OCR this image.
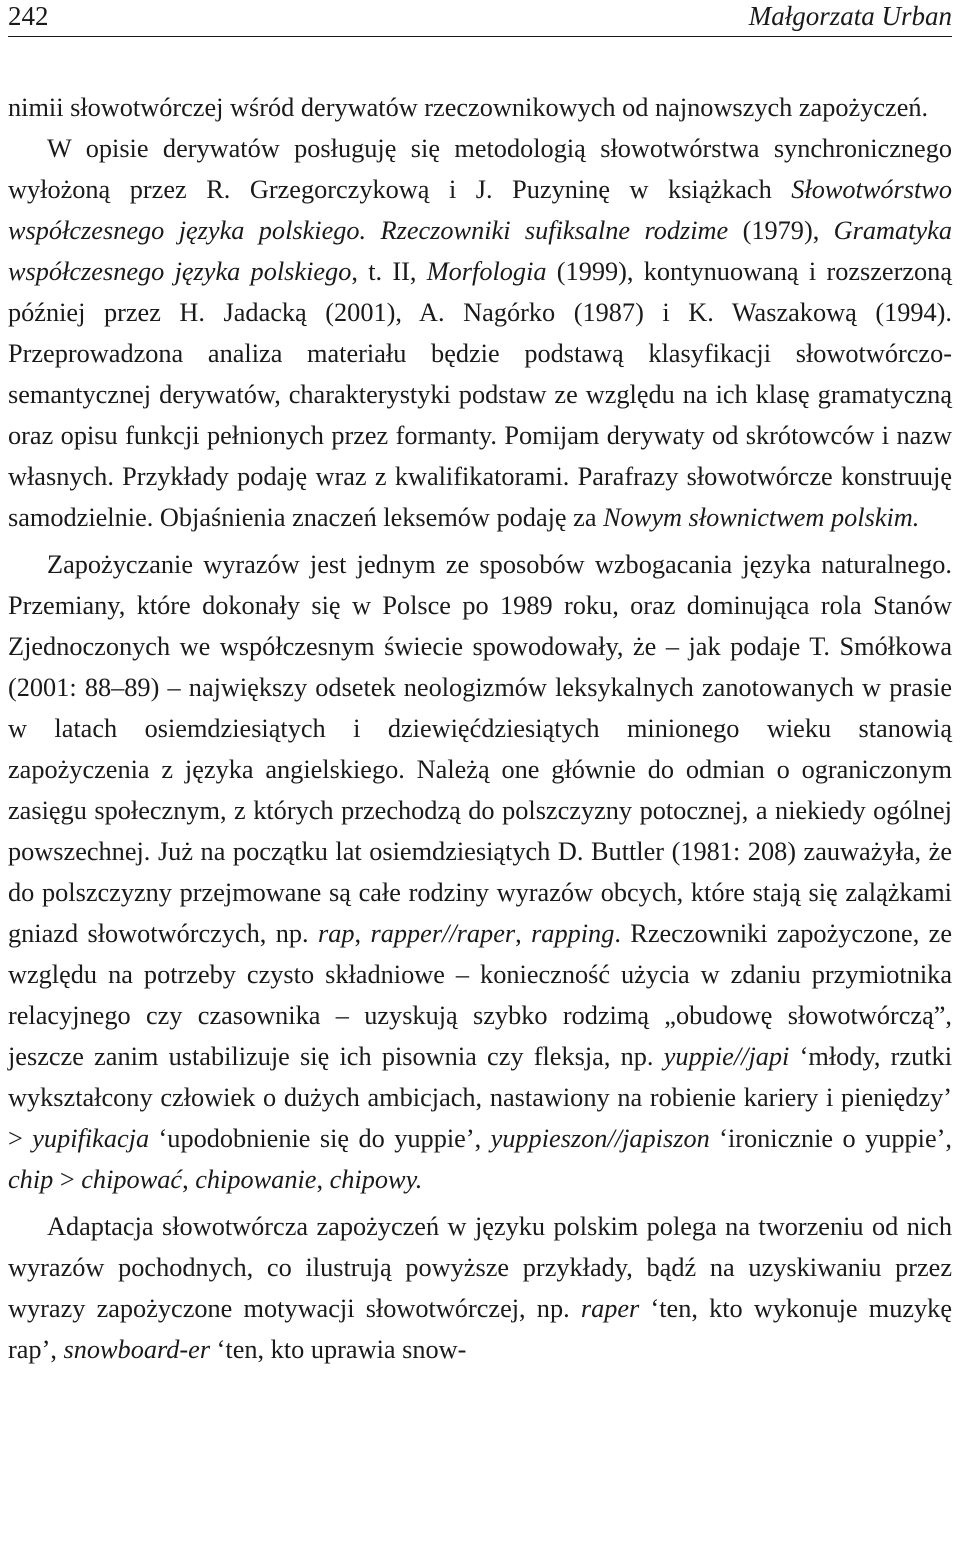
242	Małgorzata Urban

nimii słowotwórczej wśród derywatów rzeczownikowych od najnowszych zapożyczeń.

W opisie derywatów posługuję się metodologią słowotwórstwa synchronicznego wyłożoną przez R. Grzegorczykową i J. Puzyninę w książkach Słowotwórstwo współczesnego języka polskiego. Rzeczowniki sufiksalne rodzime (1979), Gramatyka współczesnego języka polskiego, t. II, Morfologia (1999), kontynuowaną i rozszerzoną później przez H. Jadacką (2001), A. Nagórko (1987) i K. Waszakową (1994). Przeprowadzona analiza materiału będzie podstawą klasyfikacji słowotwórczo-semantycznej derywatów, charakterystyki podstaw ze względu na ich klasę gramatyczną oraz opisu funkcji pełnionych przez formanty. Pomijam derywaty od skrótowców i nazw własnych. Przykłady podaję wraz z kwalifikatorami. Parafrazy słowotwórcze konstruuję samodzielnie. Objaśnienia znaczeń leksemów podaję za Nowym słownictwem polskim.

Zapożyczanie wyrazów jest jednym ze sposobów wzbogacania języka naturalnego. Przemiany, które dokonały się w Polsce po 1989 roku, oraz dominująca rola Stanów Zjednoczonych we współczesnym świecie spowodowały, że – jak podaje T. Smółkowa (2001: 88–89) – największy odsetek neologizmów leksykalnych zanotowanych w prasie w latach osiemdziesiątych i dziewięćdziesiątych minionego wieku stanowią zapożyczenia z języka angielskiego. Należą one głównie do odmian o ograniczonym zasięgu społecznym, z których przechodzą do polszczyzny potocznej, a niekiedy ogólnej powszechnej. Już na początku lat osiemdziesiątych D. Buttler (1981: 208) zauważyła, że do polszczyzny przejmowane są całe rodziny wyrazów obcych, które stają się zalążkami gniazd słowotwórczych, np. rap, rapper//raper, rapping. Rzeczowniki zapożyczone, ze względu na potrzeby czysto składniowe – konieczność użycia w zdaniu przymiotnika relacyjnego czy czasownika – uzyskują szybko rodzimą „obudowę słowotwórczą”, jeszcze zanim ustabilizuje się ich pisownia czy fleksja, np. yuppie//japi ‘młody, rzutki wykształcony człowiek o dużych ambicjach, nastawiony na robienie kariery i pieniędzy’ > yupifikacja ‘upodobnienie się do yuppie’, yuppieszon//japiszon ‘ironicznie o yuppie’, chip > chipować, chipowanie, chipowy.

Adaptacja słowotwórcza zapożyczeń w języku polskim polega na tworzeniu od nich wyrazów pochodnych, co ilustrują powyższe przykłady, bądź na uzyskiwaniu przez wyrazy zapożyczone motywacji słowotwórczej, np. raper ‘ten, kto wykonuje muzykę rap’, snowboard-er ‘ten, kto uprawia snow-
